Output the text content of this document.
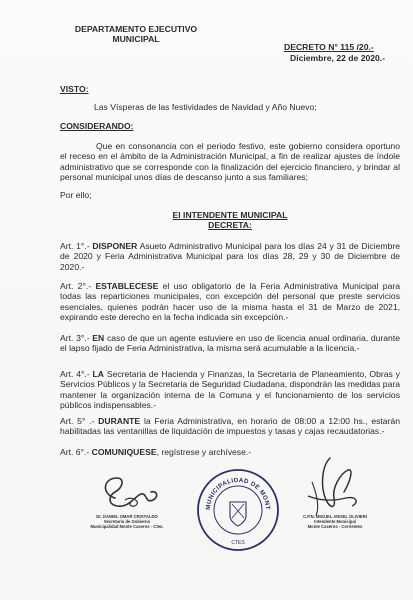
DEPARTAMENTO EJECUTIVO
MUNICIPAL
DECRETO N° 115 /20.-
Diciembre, 22 de 2020.-
VISTO:
Las Vísperas de las festividades de Navidad y Año Nuevo;
CONSIDERANDO:
Que en consonancia con el periodo festivo, este gobierno considera oportuno el receso en el ámbito de la Administración Municipal, a fin de realizar ajustes de índole administrativo que se corresponde con la finalización del ejercicio financiero, y brindar al personal municipal unos días de descanso junto a sus familiares;
Por ello;
El INTENDENTE MUNICIPAL
DECRETA:
Art. 1°.- DISPONER Asueto Administrativo Municipal para los días 24 y 31 de Diciembre de 2020 y Feria Administrativa Municipal para los días 28, 29 y 30 de Diciembre de 2020.-
Art. 2°.- ESTABLECESE el uso obligatorio de la Feria Administrativa Municipal para todas las reparticiones municipales, con excepción del personal que preste servicios esenciales, quienes podrán hacer uso de la misma hasta el 31 de Marzo de 2021, expirando este derecho en la fecha indicada sin excepción.-
Art. 3°.- EN caso de que un agente estuviere en uso de licencia anual ordinaria, durante el lapso fijado de Feria Administrativa, la misma será acumulable a la licencia.-
Art. 4°.- LA Secretaria de Hacienda y Finanzas, la Secretaria de Planeamiento, Obras y Servicios Públicos y la Secretaria de Seguridad Ciudadana, dispondrán las medidas para mantener la organización interna de la Comuna y el funcionamiento de los servicios públicos indispensables.-
Art. 5° .- DURANTE la Feria Administrativa, en horario de 08:00 a 12:00 hs., estarán habilitadas las ventanillas de liquidación de impuestos y tasas y cajas recaudatorias.-
Art. 6°.- COMUNIQUESE, regístrese y archívese.-
Dr. DANIEL OMAR CRISTALDO
Secretario de Gobierno
Municipalidad Monte Caseros - Ctes.
MUNICIPALIDAD DE MONT
CTES
C.P.N. MIGUEL ANGEL OLIVIERI
Intendente Municipal
Monte Caseros - Corrientes
